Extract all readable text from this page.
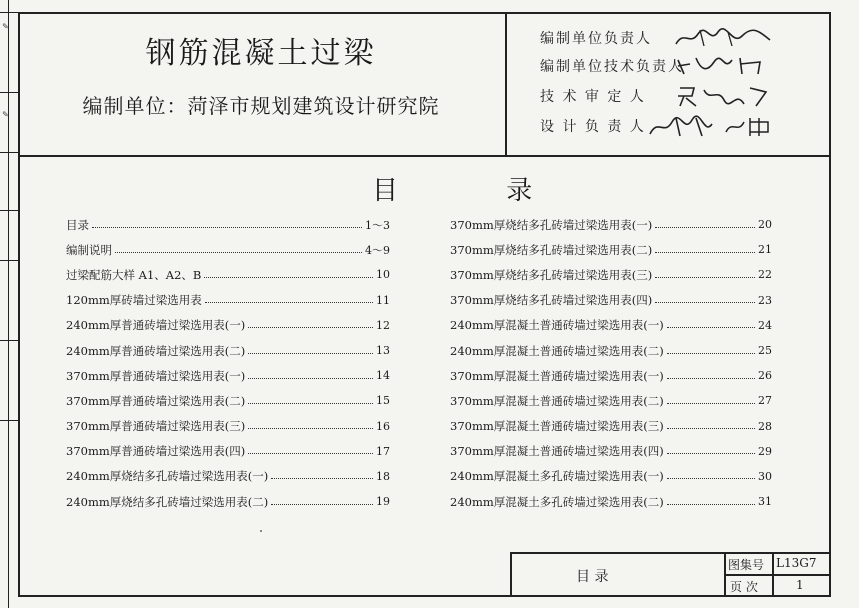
✎
✎
钢筋混凝土过梁
编制单位：菏泽市规划建筑设计研究院
编制单位负责人
编制单位技术负责人
技 术 审 定 人
设 计 负 责 人
目 录
目录	1～3
编制说明	4～9
过梁配筋大样 A1、A2、B	10
120mm厚砖墙过梁选用表	11
240mm厚普通砖墙过梁选用表(一)	12
240mm厚普通砖墙过梁选用表(二)	13
370mm厚普通砖墙过梁选用表(一)	14
370mm厚普通砖墙过梁选用表(二)	15
370mm厚普通砖墙过梁选用表(三)	16
370mm厚普通砖墙过梁选用表(四)	17
240mm厚烧结多孔砖墙过梁选用表(一)	18
240mm厚烧结多孔砖墙过梁选用表(二)	19
370mm厚烧结多孔砖墙过梁选用表(一)	20
370mm厚烧结多孔砖墙过梁选用表(二)	21
370mm厚烧结多孔砖墙过梁选用表(三)	22
370mm厚烧结多孔砖墙过梁选用表(四)	23
240mm厚混凝土普通砖墙过梁选用表(一)	24
240mm厚混凝土普通砖墙过梁选用表(二)	25
370mm厚混凝土普通砖墙过梁选用表(一)	26
370mm厚混凝土普通砖墙过梁选用表(二)	27
370mm厚混凝土普通砖墙过梁选用表(三)	28
370mm厚混凝土普通砖墙过梁选用表(四)	29
240mm厚混凝土多孔砖墙过梁选用表(一)	30
240mm厚混凝土多孔砖墙过梁选用表(二)	31
目 录
图集号 L13G7
页 次	1
